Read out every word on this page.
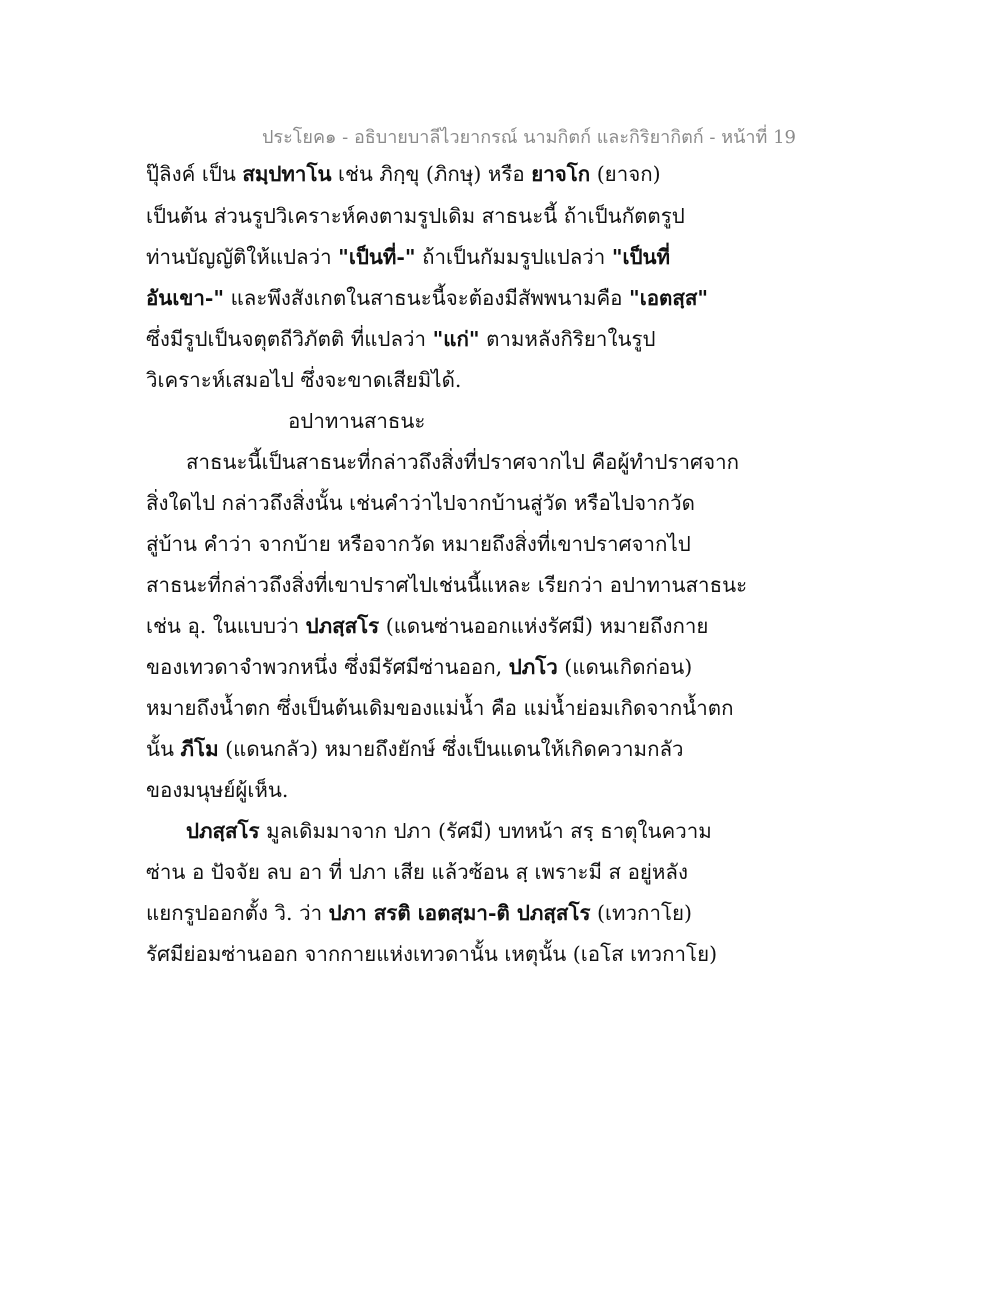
ประโยค๑ - อธิบายบาลีไวยากรณ์ นามกิตก์ และกิริยากิตก์ - หน้าที่ 19
ปุ๊ลิงค์ เป็น สมฺปทาโน เช่น ภิกฺขุ (ภิกษุ) หรือ ยาจโก (ยาจก)
เป็นต้น ส่วนรูปวิเคราะห์คงตามรูปเดิม สาธนะนี้ ถ้าเป็นกัตตรูป
ท่านบัญญัติให้แปลว่า "เป็นที่-" ถ้าเป็นกัมมรูปแปลว่า "เป็นที่
อันเขา-" และพึงสังเกตในสาธนะนี้จะต้องมีสัพพนามคือ "เอตสฺส"
ซึ่งมีรูปเป็นจตุตถีวิภัตติ ที่แปลว่า "แก่" ตามหลังกิริยาในรูป
วิเคราะห์เสมอไป ซึ่งจะขาดเสียมิได้.
อปาทานสาธนะ
สาธนะนี้เป็นสาธนะที่กล่าวถึงสิ่งที่ปราศจากไป คือผู้ทำปราศจาก
สิ่งใดไป กล่าวถึงสิ่งนั้น เช่นคำว่าไปจากบ้านสู่วัด หรือไปจากวัด
สู่บ้าน คำว่า จากบ้าย หรือจากวัด หมายถึงสิ่งที่เขาปราศจากไป
สาธนะที่กล่าวถึงสิ่งที่เขาปราศไปเช่นนี้แหละ เรียกว่า อปาทานสาธนะ
เช่น อุ. ในแบบว่า ปภสฺสโร (แดนซ่านออกแห่งรัศมี) หมายถึงกาย
ของเทวดาจำพวกหนึ่ง ซึ่งมีรัศมีซ่านออก, ปภโว (แดนเกิดก่อน)
หมายถึงน้ำตก ซึ่งเป็นต้นเดิมของแม่น้ำ คือ แม่น้ำย่อมเกิดจากน้ำตก
นั้น ภีโม (แดนกลัว) หมายถึงยักษ์ ซึ่งเป็นแดนให้เกิดความกลัว
ของมนุษย์ผู้เห็น.
ปภสฺสโร มูลเดิมมาจาก ปภา (รัศมี) บทหน้า สรฺ ธาตุในความ
ซ่าน อ ปัจจัย ลบ อา ที่ ปภา เสีย แล้วซ้อน สฺ เพราะมี ส อยู่หลัง
แยกรูปออกตั้ง วิ. ว่า ปภา สรติ เอตสฺมา-ติ ปภสฺสโร (เทวกาโย)
รัศมีย่อมซ่านออก จากกายแห่งเทวดานั้น เหตุนั้น (เอโส เทวกาโย)
